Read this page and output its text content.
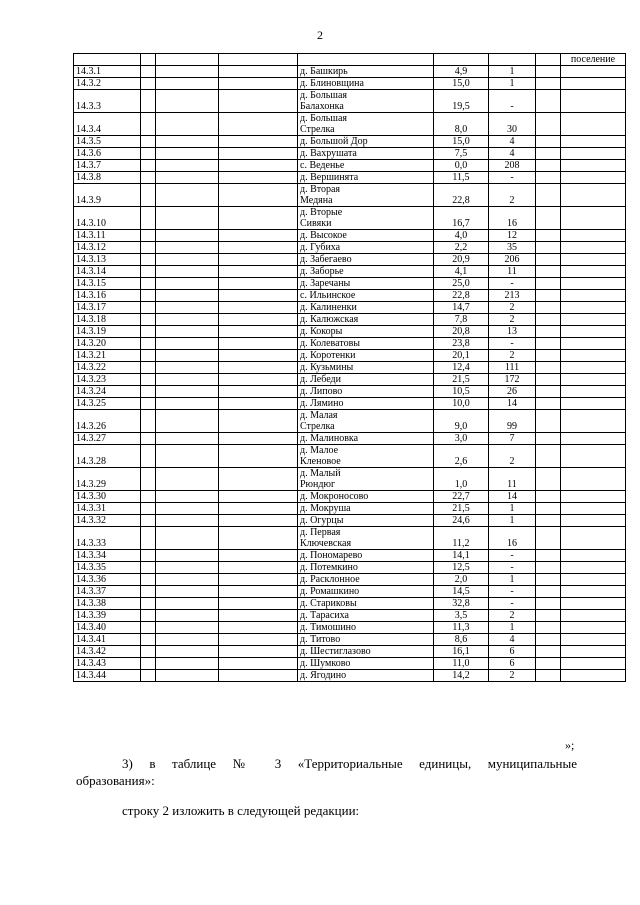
2
								поселение
14.3.1				д. Башкирь	4,9	1		
14.3.2				д. Блиновщина	15,0	1		
14.3.3				д. Большая
Балахонка	19,5	-		
14.3.4				д. Большая
Стрелка	8,0	30		
14.3.5				д. Большой Дор	15,0	4		
14.3.6				д. Вахрушата	7,5	4		
14.3.7				с. Веденье	0,0	208		
14.3.8				д. Вершинята	11,5	-		
14.3.9				д. Вторая
Медяна	22,8	2		
14.3.10				д. Вторые
Сивяки	16,7	16		
14.3.11				д. Высокое	4,0	12		
14.3.12				д. Губиха	2,2	35		
14.3.13				д. Забегаево	20,9	206		
14.3.14				д. Заборье	4,1	11		
14.3.15				д. Заречаны	25,0	-		
14.3.16				с. Ильинское	22,8	213		
14.3.17				д. Калиненки	14,7	2		
14.3.18				д. Калюжская	7,8	2		
14.3.19				д. Кокоры	20,8	13		
14.3.20				д. Колеватовы	23,8	-		
14.3.21				д. Коротенки	20,1	2		
14.3.22				д. Кузьмины	12,4	111		
14.3.23				д. Лебеди	21,5	172		
14.3.24				д. Липово	10,5	26		
14.3.25				д. Лямино	10,0	14		
14.3.26				д. Малая
Стрелка	9,0	99		
14.3.27				д. Малиновка	3,0	7		
14.3.28				д. Малое
Кленовое	2,6	2		
14.3.29				д. Малый
Рюндюг	1,0	11		
14.3.30				д. Мокроносово	22,7	14		
14.3.31				д. Мокруша	21,5	1		
14.3.32				д. Огурцы	24,6	1		
14.3.33				д. Первая
Ключевская	11,2	16		
14.3.34				д. Пономарево	14,1	-		
14.3.35				д. Потемкино	12,5	-		
14.3.36				д. Расклонное	2,0	1		
14.3.37				д. Ромашкино	14,5	-		
14.3.38				д. Стариковы	32,8	-		
14.3.39				д. Тарасиха	3,5	2		
14.3.40				д. Тимошино	11,3	1		
14.3.41				д. Титово	8,6	4		
14.3.42				д. Шестиглазово	16,1	6		
14.3.43				д. Шумково	11,0	6		
14.3.44				д. Ягодино	14,2	2		
»;
3) в таблице № 3 «Территориальные единицы, муниципальные
образования»:
строку 2 изложить в следующей редакции:
